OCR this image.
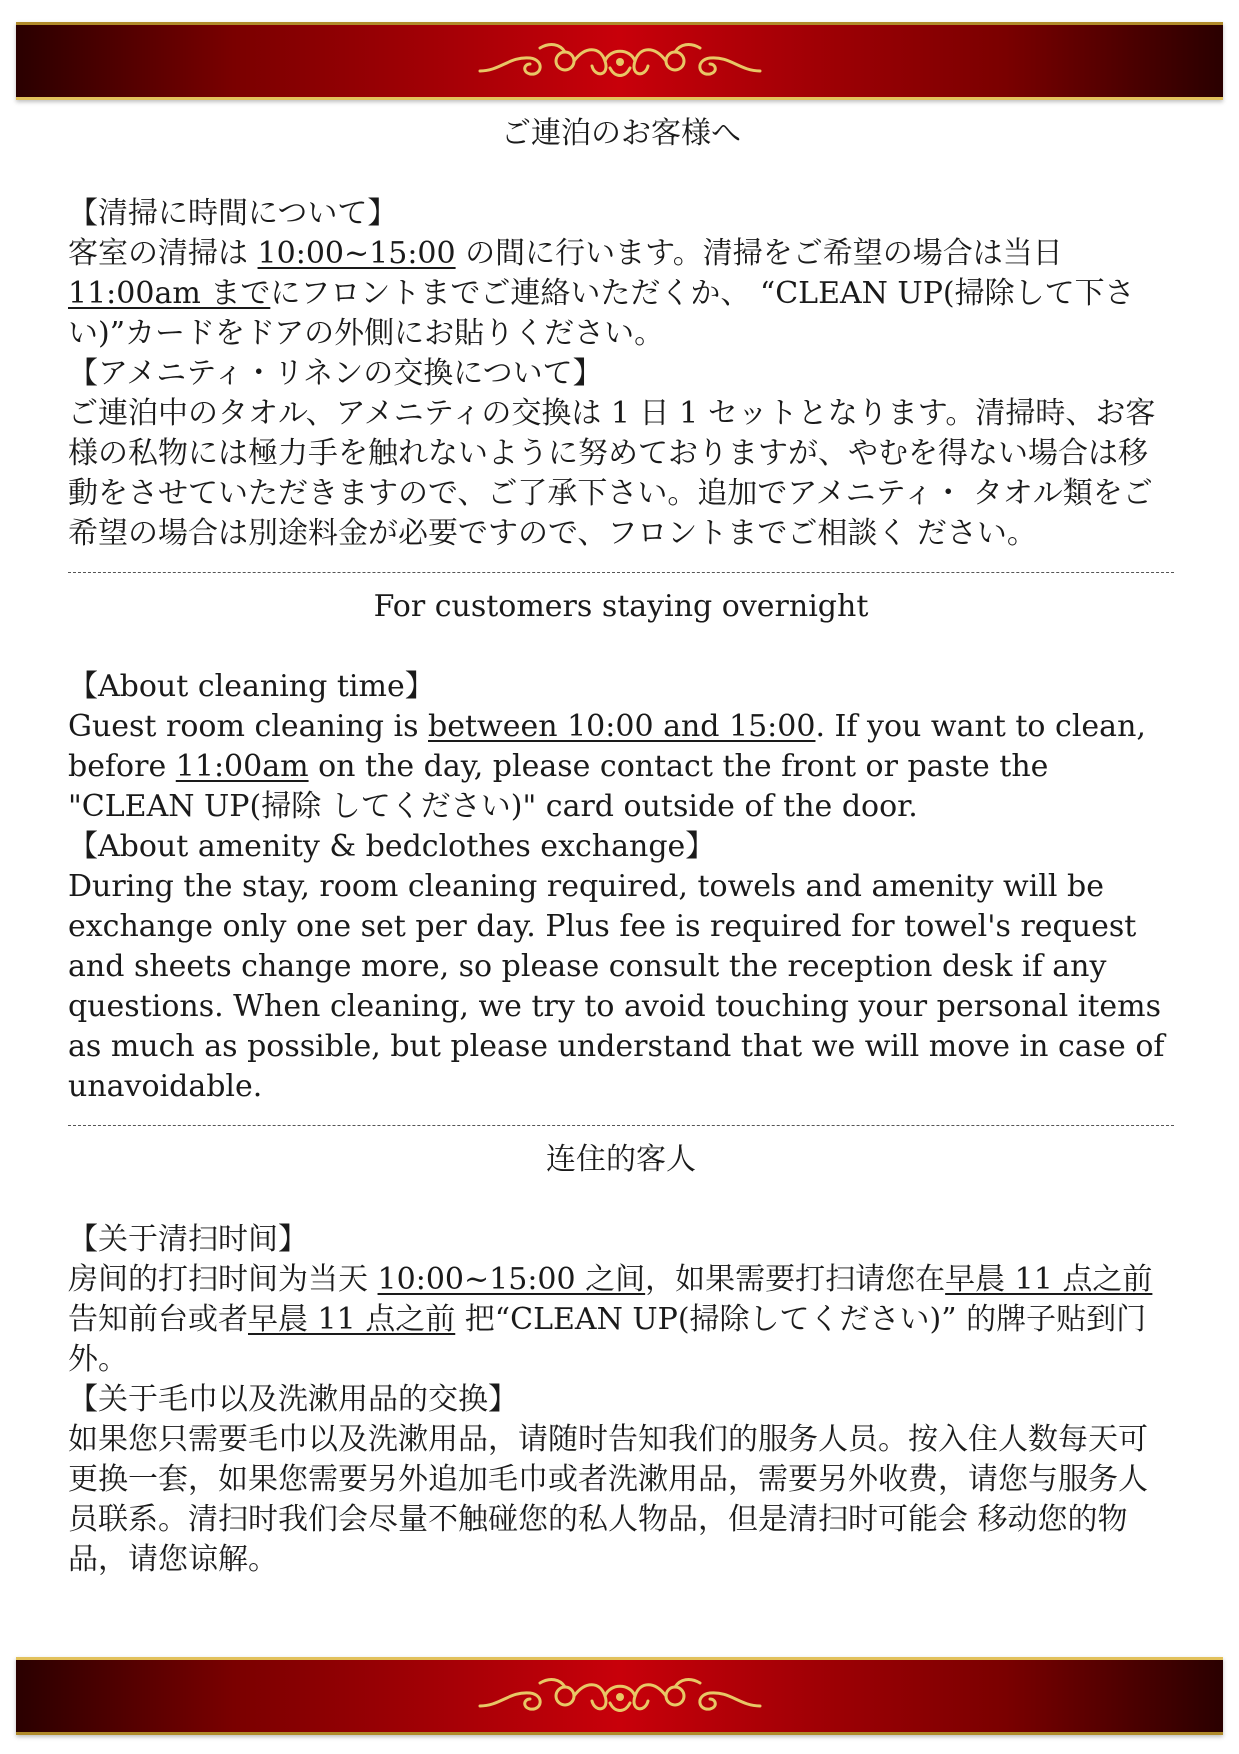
ご連泊のお客様へ
【清掃に時間について】
客室の清掃は 10:00~15:00 の間に行います。清掃をご希望の場合は当日11:00am までにフロントまでご連絡いただくか、 “CLEAN UP(掃除して下さ い)”カードをドアの外側にお貼りください。
【アメニティ・リネンの交換について】
ご連泊中のタオル、アメニティの交換は 1 日 1 セットとなります。清掃時、お客様の私物には極力手を触れないように努めておりますが、やむを得ない場合は移動をさせていただきますので、ご了承下さい。追加でアメニティ・ タオル類をご希望の場合は別途料金が必要ですので、フロントまでご相談く ださい。
For customers staying overnight
【About cleaning time】
Guest room cleaning is between 10:00 and 15:00. If you want to clean, before 11:00am on the day, please contact the front or paste the "CLEAN UP(掃除 してください)" card outside of the door.
【About amenity & bedclothes exchange】
During the stay, room cleaning required, towels and amenity will be exchange only one set per day. Plus fee is required for towel's request and sheets change more, so please consult the reception desk if any questions. When cleaning, we try to avoid touching your personal items as much as possible, but please understand that we will move in case of unavoidable.
连住的客人
【关于清扫时间】
房间的打扫时间为当天 10:00~15:00 之间，如果需要打扫请您在早晨 11 点之前告知前台或者早晨 11 点之前 把“CLEAN UP(掃除してください)” 的牌子贴到门外。
【关于毛巾以及洗漱用品的交换】
如果您只需要毛巾以及洗漱用品，请随时告知我们的服务人员。按入住人数每天可更换一套，如果您需要另外追加毛巾或者洗漱用品，需要另外收费，请您与服务人员联系。清扫时我们会尽量不触碰您的私人物品，但是清扫时可能会 移动您的物品，请您谅解。
